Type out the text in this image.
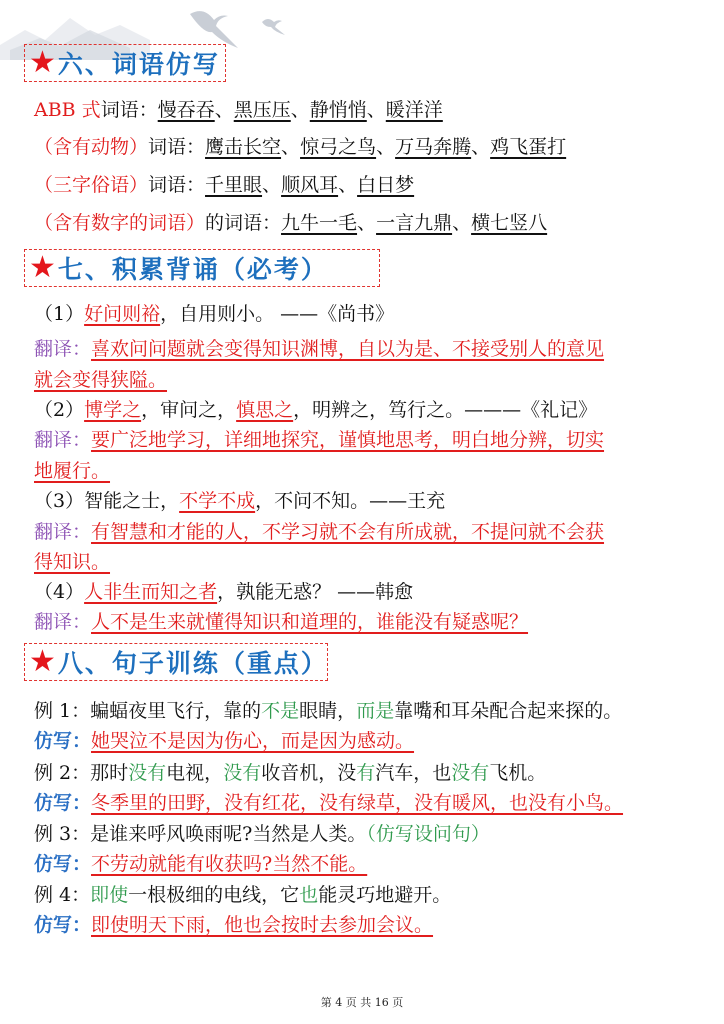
★ 六、词语仿写
ABB 式词语：慢吞吞、黑压压、静悄悄、暖洋洋
（含有动物）词语：鹰击长空、惊弓之鸟、万马奔腾、鸡飞蛋打
（三字俗语）词语：千里眼、顺风耳、白日梦
（含有数字的词语）的词语：九牛一毛、一言九鼎、横七竖八
★ 七、积累背诵（必考）
（1）好问则裕，自用则小。 ——《尚书》
翻译：喜欢问问题就会变得知识渊博，自以为是、不接受别人的意见
就会变得狭隘。
（2）博学之，审问之，慎思之，明辨之，笃行之。———《礼记》
翻译：要广泛地学习，详细地探究，谨慎地思考，明白地分辨，切实
地履行。
（3）智能之士，不学不成，不问不知。——王充
翻译：有智慧和才能的人，不学习就不会有所成就，不提问就不会获
得知识。
（4）人非生而知之者，孰能无惑？ ——韩愈
翻译：人不是生来就懂得知识和道理的，谁能没有疑惑呢？
★ 八、句子训练（重点）
例 1：蝙蝠夜里飞行，靠的不是眼睛，而是靠嘴和耳朵配合起来探的。
仿写：她哭泣不是因为伤心，而是因为感动。
例 2：那时没有电视，没有收音机，没有汽车，也没有飞机。
仿写：冬季里的田野，没有红花，没有绿草，没有暖风，也没有小鸟。
例 3：是谁来呼风唤雨呢?当然是人类。（仿写设问句）
仿写：不劳动就能有收获吗?当然不能。
例 4：即使一根极细的电线，它也能灵巧地避开。
仿写：即使明天下雨，他也会按时去参加会议。
第 4 页 共 16 页
